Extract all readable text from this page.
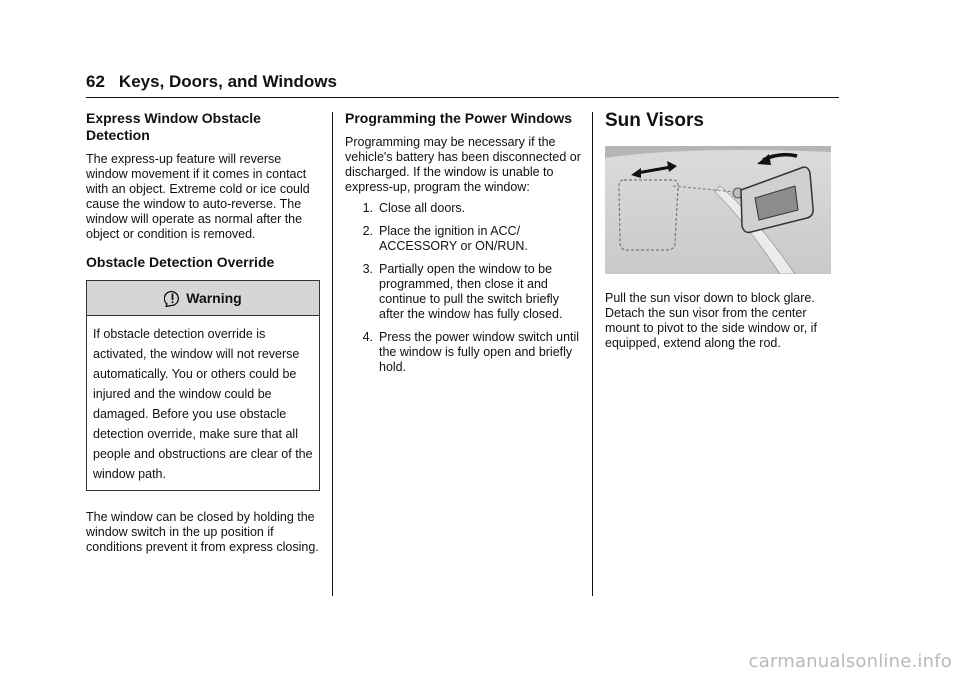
62 Keys, Doors, and Windows
Express Window Obstacle Detection

The express-up feature will reverse window movement if it comes in contact with an object. Extreme cold or ice could cause the window to auto-reverse. The window will operate as normal after the object or condition is removed.

Obstacle Detection Override
Warning
If obstacle detection override is activated, the window will not reverse automatically. You or others could be injured and the window could be damaged. Before you use obstacle detection override, make sure that all people and obstructions are clear of the window path.

The window can be closed by holding the window switch in the up position if conditions prevent it from express closing.

Programming the Power Windows

Programming may be necessary if the vehicle's battery has been disconnected or discharged. If the window is unable to express-up, program the window:

1. Close all doors.
2. Place the ignition in ACC/ ACCESSORY or ON/RUN.
3. Partially open the window to be programmed, then close it and continue to pull the switch briefly after the window has fully closed.
4. Press the power window switch until the window is fully open and briefly hold.
Sun Visors

Pull the sun visor down to block glare. Detach the sun visor from the center mount to pivot to the side window or, if equipped, extend along the rod.

carmanualsonline.info
